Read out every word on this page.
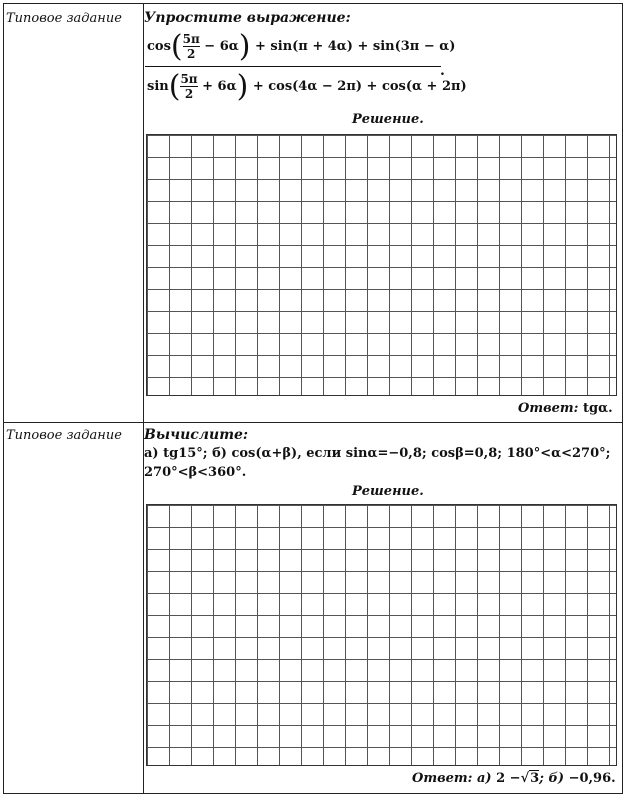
Типовое задание Упростите выражение:
$\cos( \frac{5\pi}{2} - 6\alpha) + \sin(\pi + 4\alpha) + \sin(3\pi - \alpha)$
$\sin( \frac{5\pi}{2} + 6\alpha) + \cos(4\alpha - 2\pi) + \cos(\alpha + 2\pi)$
.
Решение.
Ответ: tgα.
Типовое задание Вычислите:
а) tg15°; б) cos(α+β), если sinα=−0,8; cosβ=0,8; 180°<α<270°;
270°<β<360°.
Решение.
Ответ: а) 2 −√3; б) −0,96.
